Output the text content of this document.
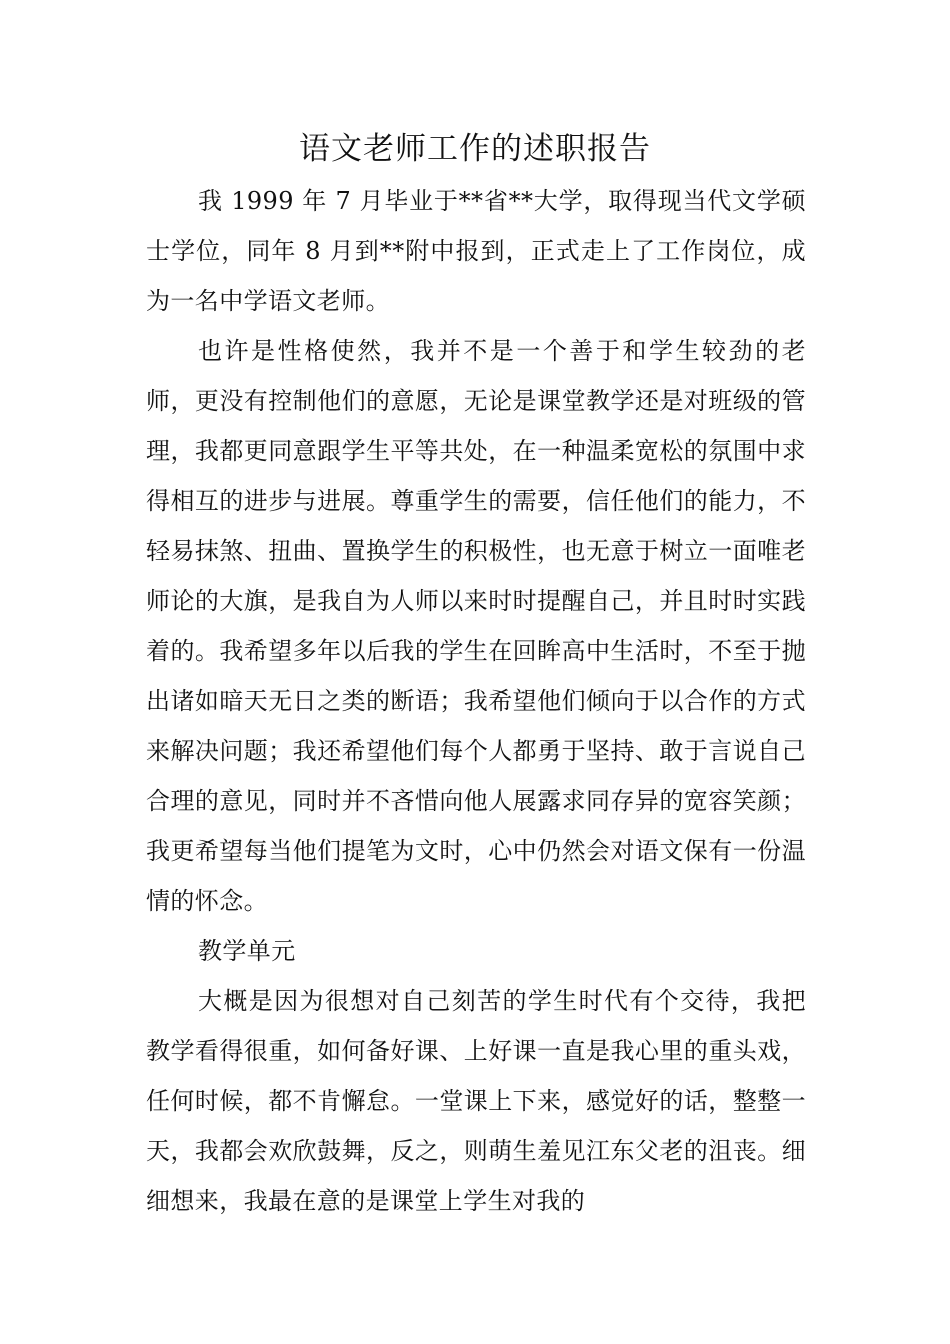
语文老师工作的述职报告

我 1999 年 7 月毕业于**省**大学，取得现当代文学硕士学位，同年 8 月到**附中报到，正式走上了工作岗位，成为一名中学语文老师。

也许是性格使然，我并不是一个善于和学生较劲的老师，更没有控制他们的意愿，无论是课堂教学还是对班级的管理，我都更同意跟学生平等共处，在一种温柔宽松的氛围中求得相互的进步与进展。尊重学生的需要，信任他们的能力，不轻易抹煞、扭曲、置换学生的积极性，也无意于树立一面唯老师论的大旗，是我自为人师以来时时提醒自己，并且时时实践着的。我希望多年以后我的学生在回眸高中生活时，不至于抛出诸如暗天无日之类的断语；我希望他们倾向于以合作的方式来解决问题；我还希望他们每个人都勇于坚持、敢于言说自己合理的意见，同时并不吝惜向他人展露求同存异的宽容笑颜；我更希望每当他们提笔为文时，心中仍然会对语文保有一份温情的怀念。

教学单元

大概是因为很想对自己刻苦的学生时代有个交待，我把教学看得很重，如何备好课、上好课一直是我心里的重头戏，任何时候，都不肯懈怠。一堂课上下来，感觉好的话，整整一天，我都会欢欣鼓舞，反之，则萌生羞见江东父老的沮丧。细细想来，我最在意的是课堂上学生对我的
